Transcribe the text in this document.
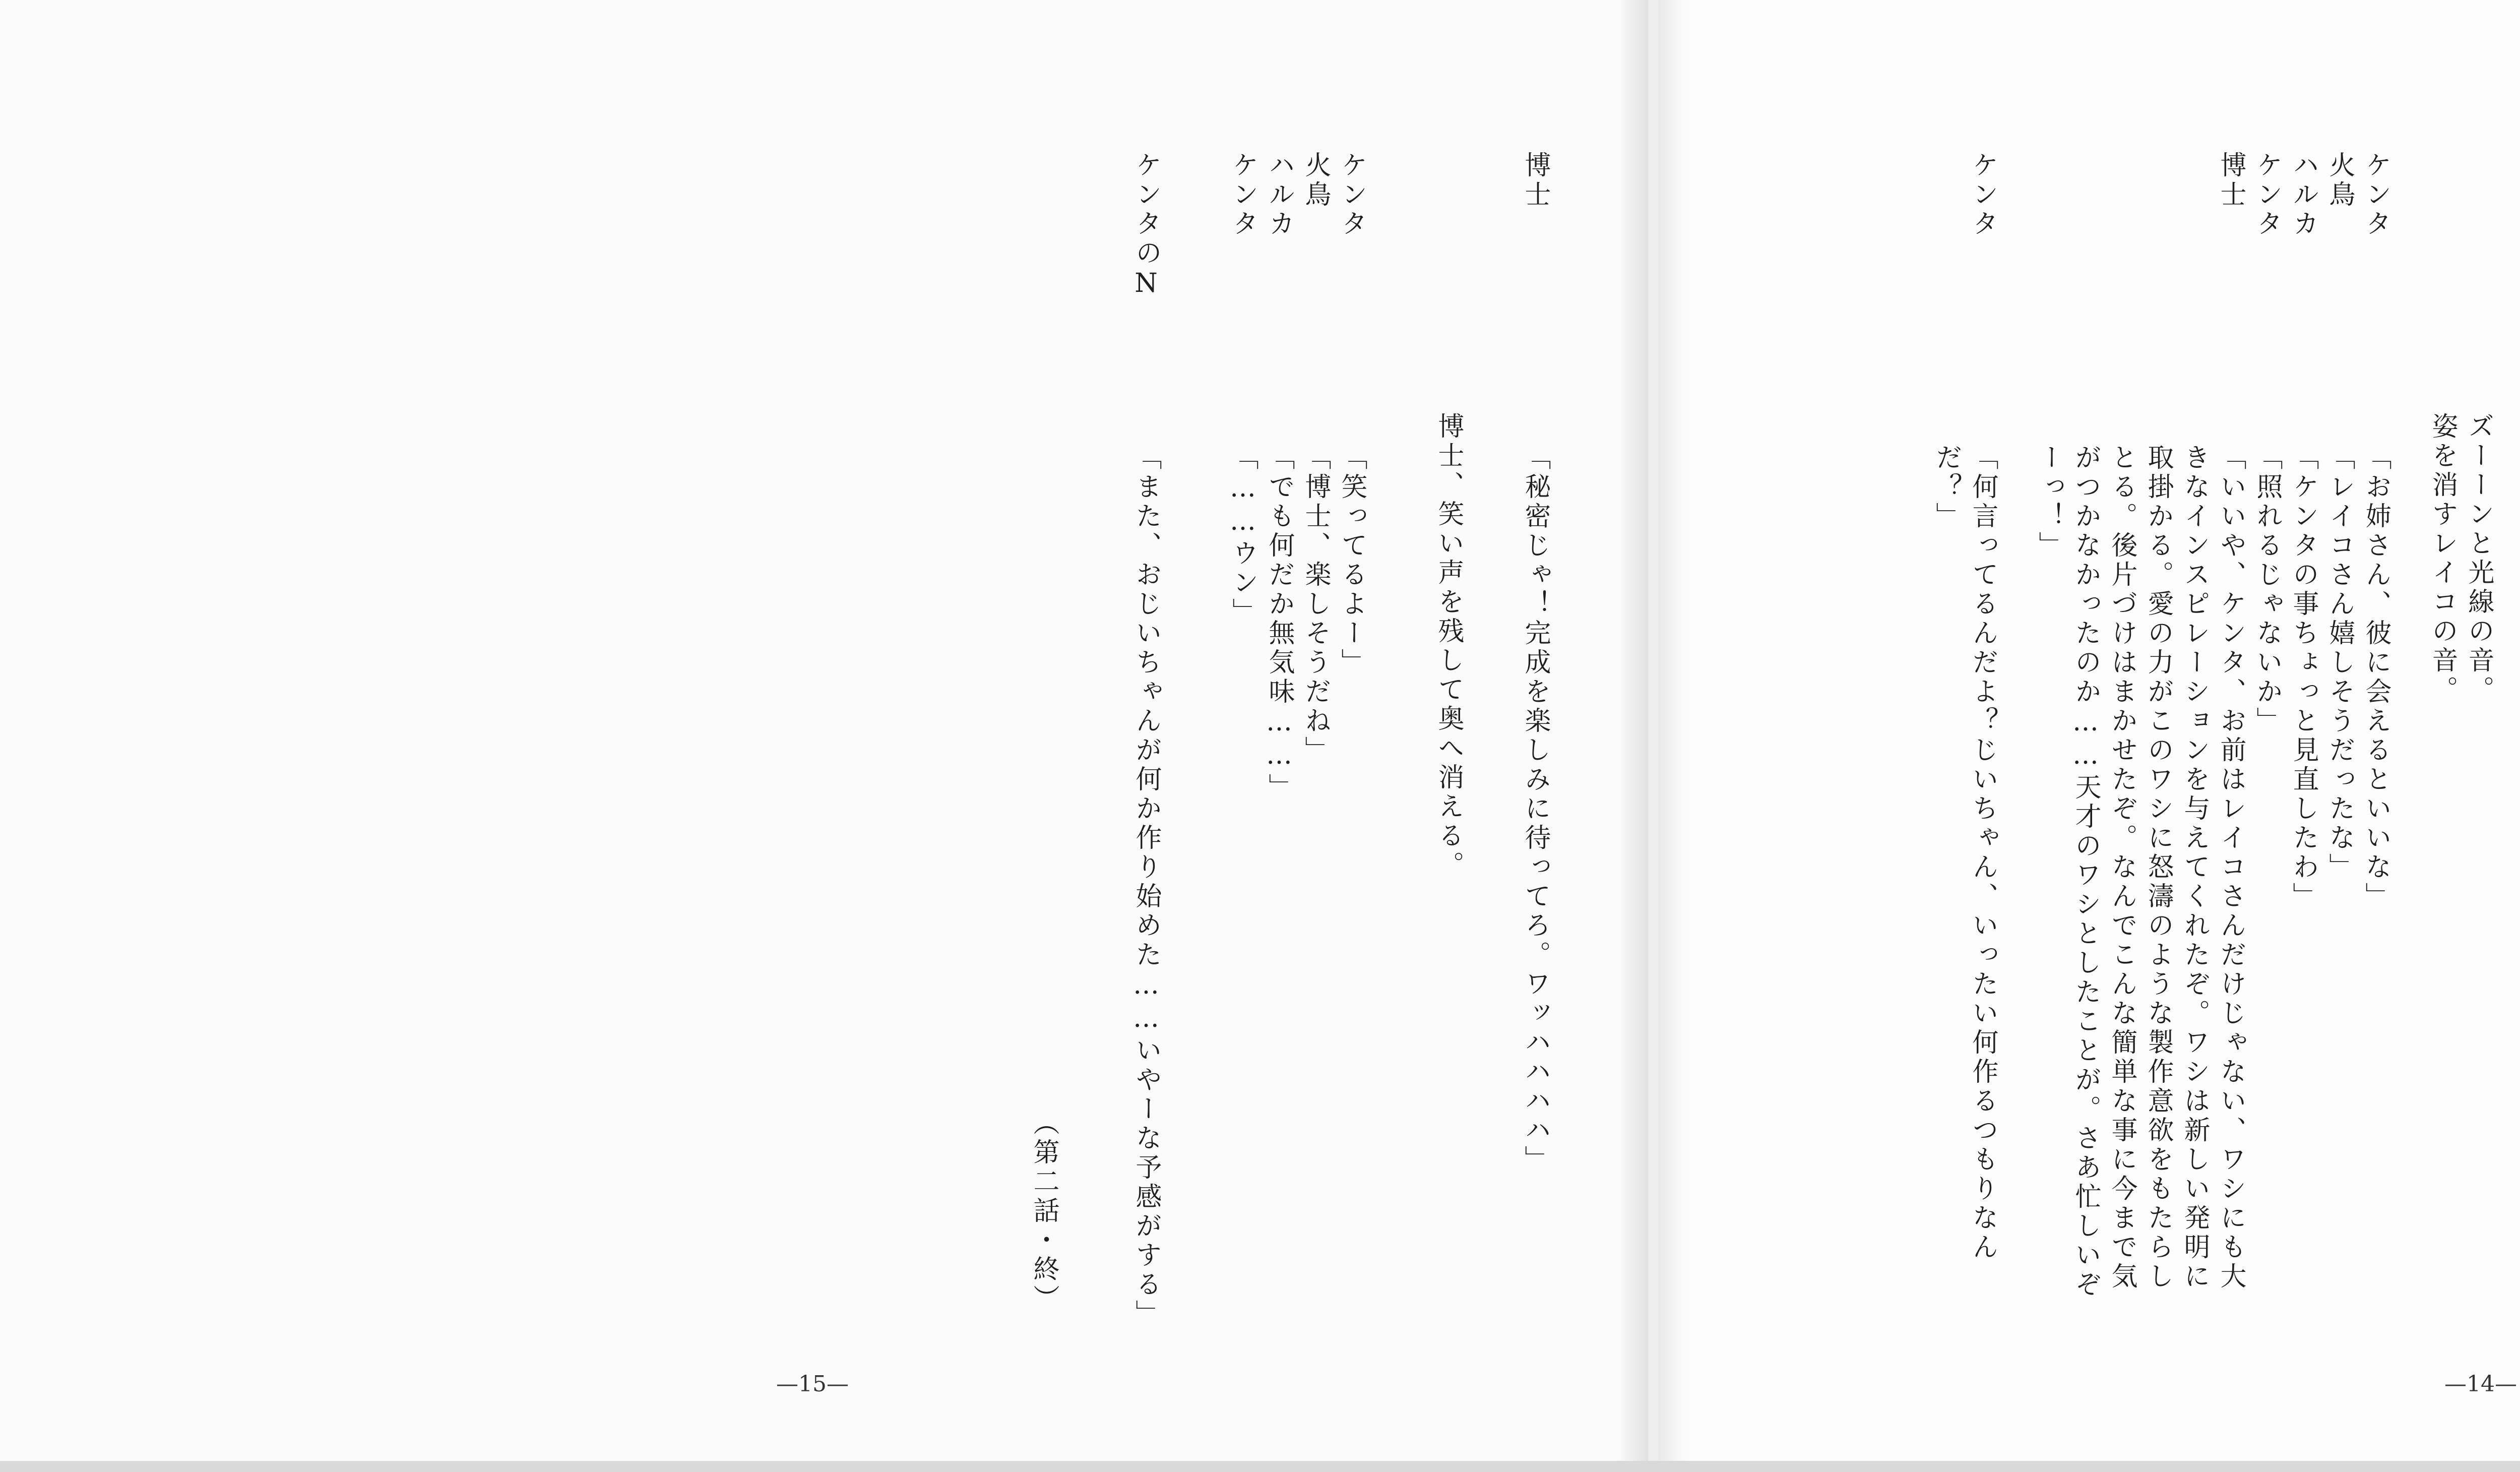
ズーーンと光線の音。
姿を消すレイコの音。
ケンタ
「お姉さん、彼に会えるといいな」
火鳥
「レイコさん嬉しそうだったな」
ハルカ
「ケンタの事ちょっと見直したわ」
ケンタ
「照れるじゃないか」
博士
「いいや、ケンタ、お前はレイコさんだけじゃない、ワシにも大
きなインスピレーションを与えてくれたぞ。ワシは新しい発明に
取掛かる。愛の力がこのワシに怒濤のような製作意欲をもたらし
とる。後片づけはまかせたぞ。なんでこんな簡単な事に今まで気
がつかなかったのか……天才のワシとしたことが。さあ忙しいぞ
ーっ！」
ケンタ
「何言ってるんだよ？じいちゃん、いったい何作るつもりなん
だ？」
博士
「秘密じゃ！完成を楽しみに待ってろ。ワッハハハハ」
博士、笑い声を残して奥へ消える。
ケンタ
「笑ってるよー」
火鳥
「博士、楽しそうだね」
ハルカ
「でも何だか無気味……」
ケンタ
「……ウン」
ケンタのN
「また、おじいちゃんが何か作り始めた……いやーな予感がする」
—14—
—15—
（第二話・終）
